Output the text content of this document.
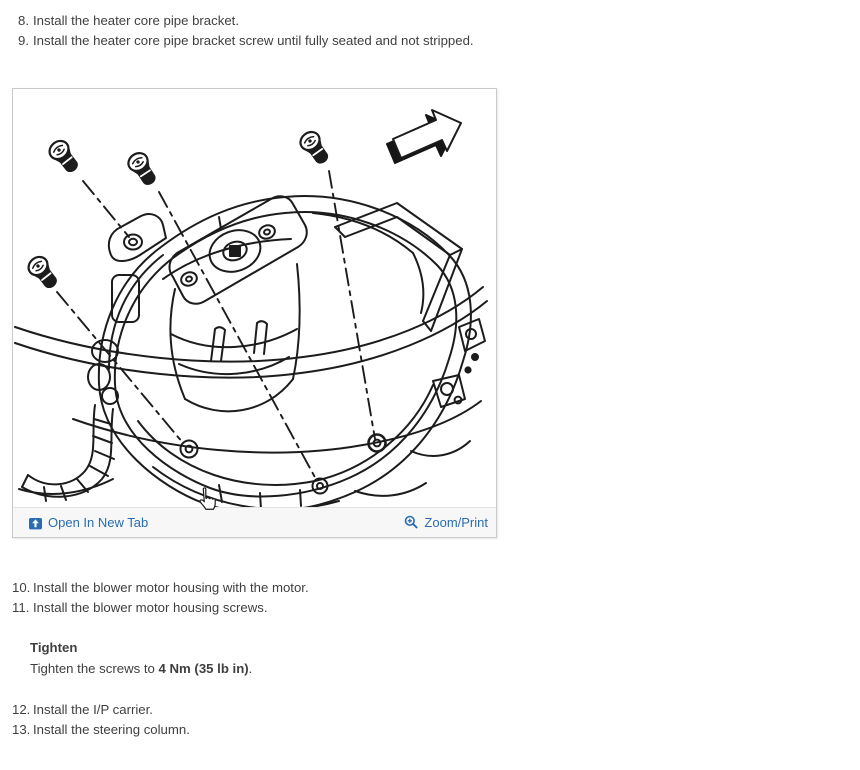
8. Install the heater core pipe bracket.
9. Install the heater core pipe bracket screw until fully seated and not stripped.
Open In New Tab	Zoom/Print
10. Install the blower motor housing with the motor.
11. Install the blower motor housing screws.
Tighten
Tighten the screws to 4 Nm (35 lb in).
12. Install the I/P carrier.
13. Install the steering column.
